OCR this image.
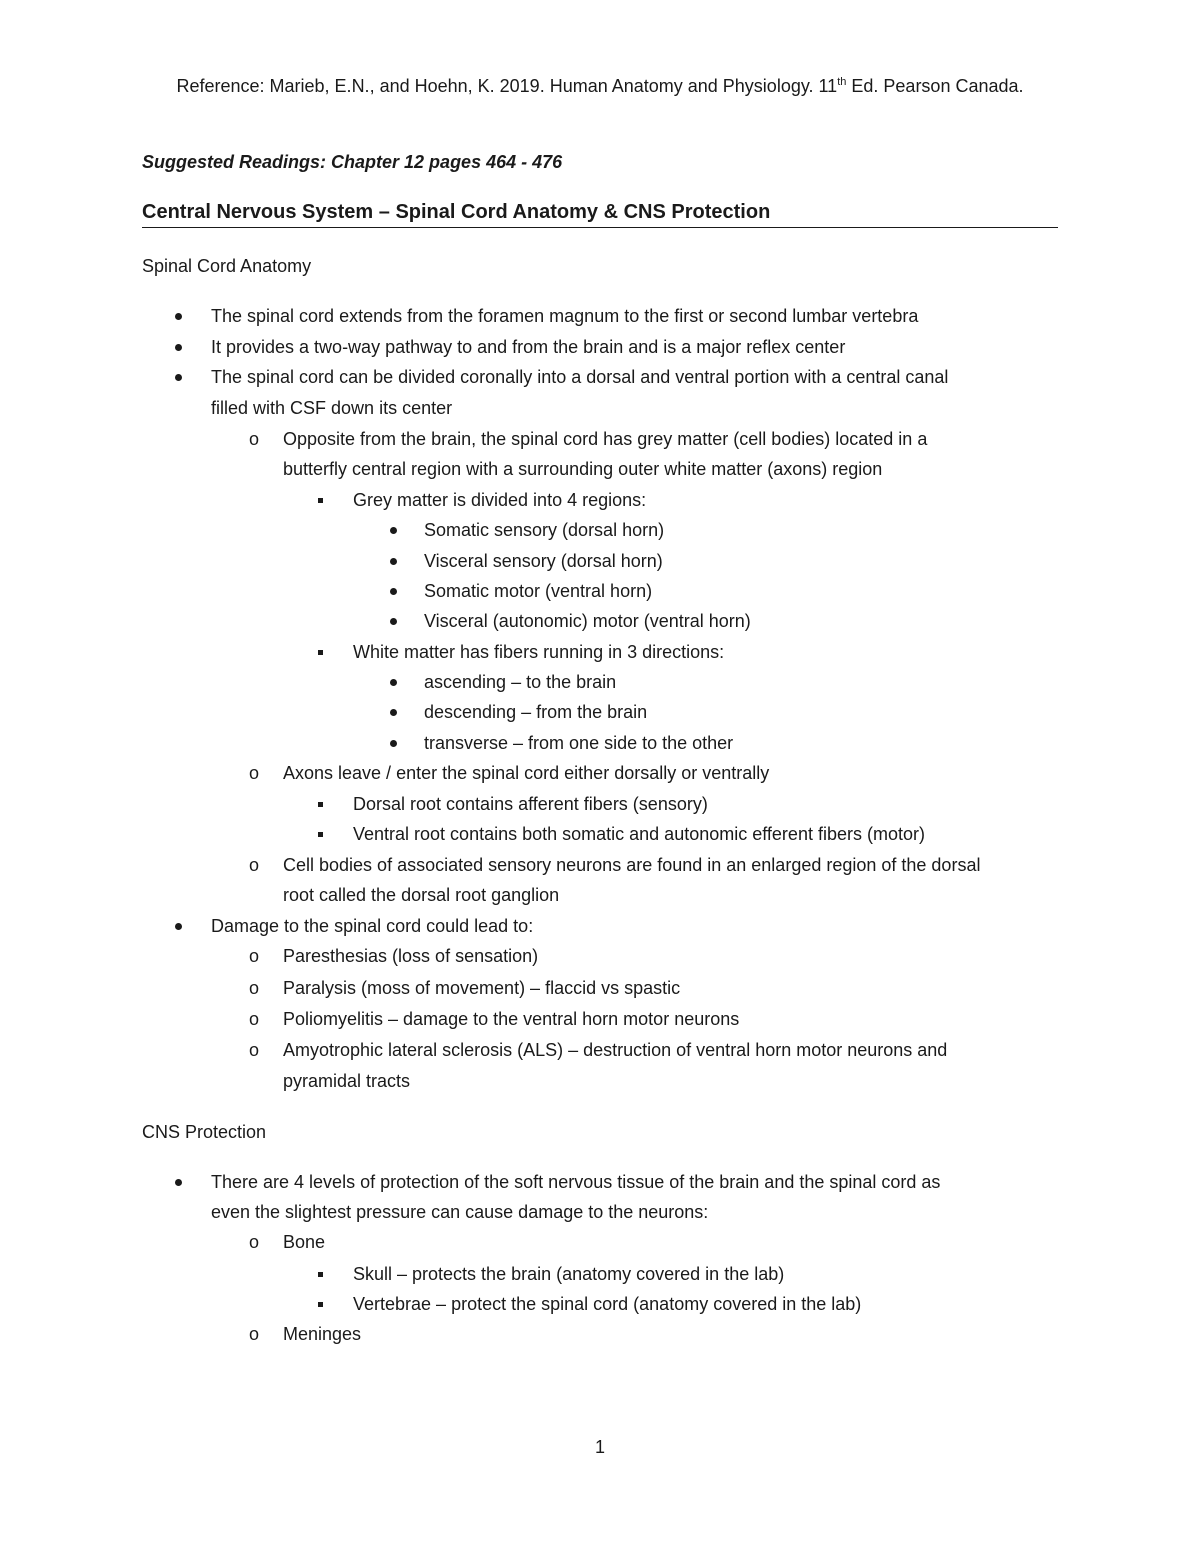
Reference: Marieb, E.N., and Hoehn, K. 2019. Human Anatomy and Physiology. 11th Ed. Pearson Canada.
Suggested Readings: Chapter 12 pages 464 - 476
Central Nervous System – Spinal Cord Anatomy & CNS Protection
Spinal Cord Anatomy
The spinal cord extends from the foramen magnum to the first or second lumbar vertebra
It provides a two-way pathway to and from the brain and is a major reflex center
The spinal cord can be divided coronally into a dorsal and ventral portion with a central canal
filled with CSF down its center
o Opposite from the brain, the spinal cord has grey matter (cell bodies) located in a
butterfly central region with a surrounding outer white matter (axons) region
Grey matter is divided into 4 regions:
Somatic sensory (dorsal horn)
Visceral sensory (dorsal horn)
Somatic motor (ventral horn)
Visceral (autonomic) motor (ventral horn)
White matter has fibers running in 3 directions:
ascending – to the brain
descending – from the brain
transverse – from one side to the other
o Axons leave / enter the spinal cord either dorsally or ventrally
Dorsal root contains afferent fibers (sensory)
Ventral root contains both somatic and autonomic efferent fibers (motor)
o Cell bodies of associated sensory neurons are found in an enlarged region of the dorsal
root called the dorsal root ganglion
Damage to the spinal cord could lead to:
o Paresthesias (loss of sensation)
o Paralysis (moss of movement) – flaccid vs spastic
o Poliomyelitis – damage to the ventral horn motor neurons
o Amyotrophic lateral sclerosis (ALS) – destruction of ventral horn motor neurons and
pyramidal tracts
CNS Protection
There are 4 levels of protection of the soft nervous tissue of the brain and the spinal cord as
even the slightest pressure can cause damage to the neurons:
o Bone
Skull – protects the brain (anatomy covered in the lab)
Vertebrae – protect the spinal cord (anatomy covered in the lab)
o Meninges
1
